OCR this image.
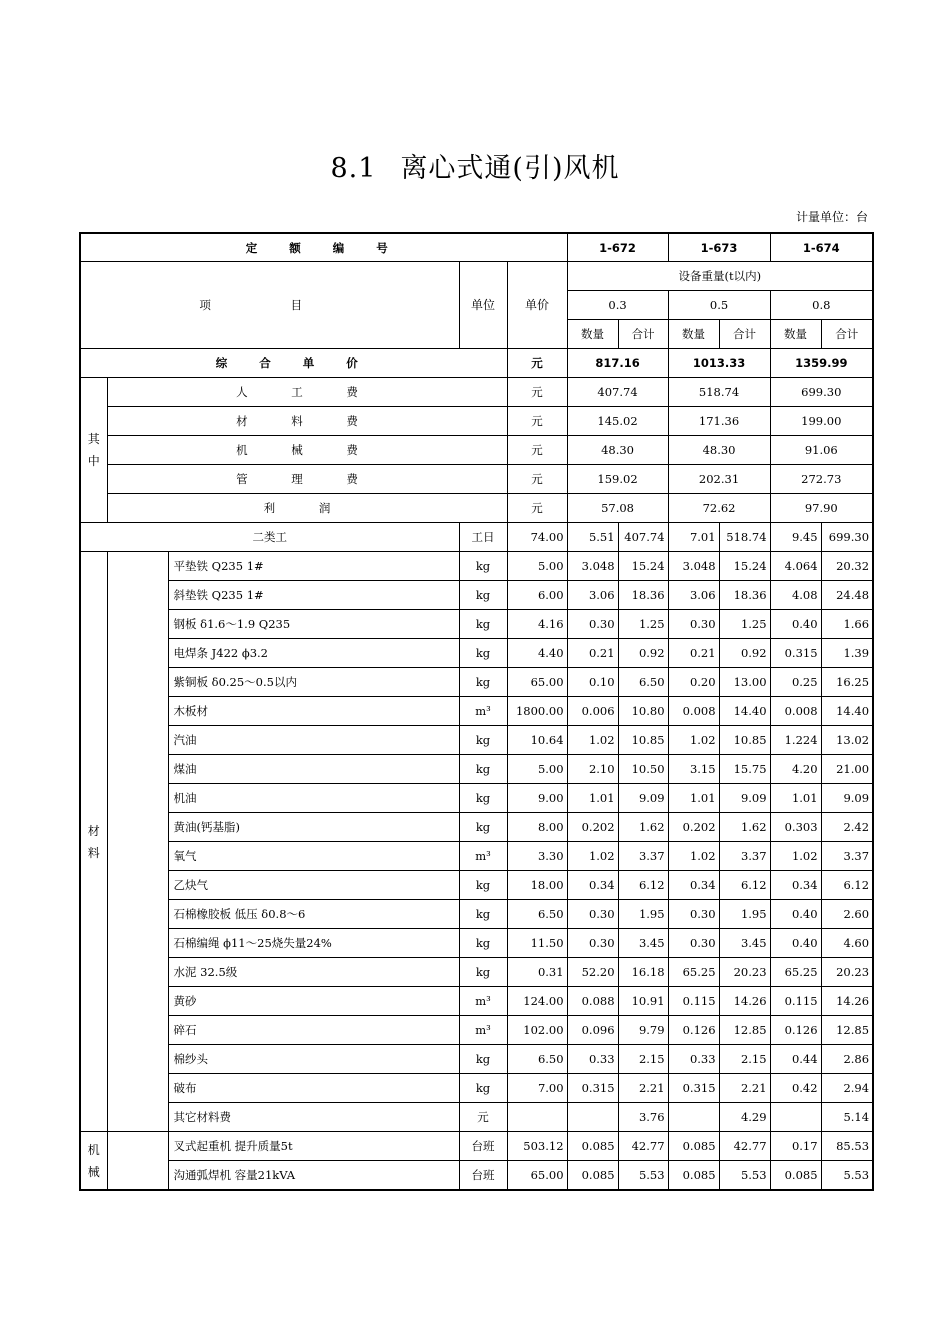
8.1 离心式通(引)风机
计量单位：台
定 额 编 号					1-672		1-673		1-674	
项 目			单位	单价	设备重量(t以内)					
					0.3		0.5		0.8	
					数量	合计	数量	合计	数量	合计
综 合 单 价				元	817.16		1013.33		1359.99	
其中	人 工 费			元	407.74		518.74		699.30	
	材 料 费			元	145.02		171.36		199.00	
	机 械 费			元	48.30		48.30		91.06	
	管 理 费			元	159.02		202.31		272.73	
	利 润			元	57.08		72.62		97.90	
二类工			工日	74.00	5.51	407.74	7.01	518.74	9.45	699.30
材料		平垫铁 Q235 1#	kg	5.00	3.048	15.24	3.048	15.24	4.064	20.32
		斜垫铁 Q235 1#	kg	6.00	3.06	18.36	3.06	18.36	4.08	24.48
		钢板 δ1.6～1.9 Q235	kg	4.16	0.30	1.25	0.30	1.25	0.40	1.66
		电焊条 J422 ϕ3.2	kg	4.40	0.21	0.92	0.21	0.92	0.315	1.39
		紫铜板 δ0.25～0.5以内	kg	65.00	0.10	6.50	0.20	13.00	0.25	16.25
		木板材	m³	1800.00	0.006	10.80	0.008	14.40	0.008	14.40
		汽油	kg	10.64	1.02	10.85	1.02	10.85	1.224	13.02
		煤油	kg	5.00	2.10	10.50	3.15	15.75	4.20	21.00
		机油	kg	9.00	1.01	9.09	1.01	9.09	1.01	9.09
		黄油(钙基脂)	kg	8.00	0.202	1.62	0.202	1.62	0.303	2.42
		氧气	m³	3.30	1.02	3.37	1.02	3.37	1.02	3.37
		乙炔气	kg	18.00	0.34	6.12	0.34	6.12	0.34	6.12
		石棉橡胶板 低压 δ0.8～6	kg	6.50	0.30	1.95	0.30	1.95	0.40	2.60
		石棉编绳 ϕ11～25烧失量24%	kg	11.50	0.30	3.45	0.30	3.45	0.40	4.60
		水泥 32.5级	kg	0.31	52.20	16.18	65.25	20.23	65.25	20.23
		黄砂	m³	124.00	0.088	10.91	0.115	14.26	0.115	14.26
		碎石	m³	102.00	0.096	9.79	0.126	12.85	0.126	12.85
		棉纱头	kg	6.50	0.33	2.15	0.33	2.15	0.44	2.86
		破布	kg	7.00	0.315	2.21	0.315	2.21	0.42	2.94
		其它材料费	元			3.76		4.29		5.14
机械		叉式起重机 提升质量5t	台班	503.12	0.085	42.77	0.085	42.77	0.17	85.53
		沟通弧焊机 容量21kVA	台班	65.00	0.085	5.53	0.085	5.53	0.085	5.53
